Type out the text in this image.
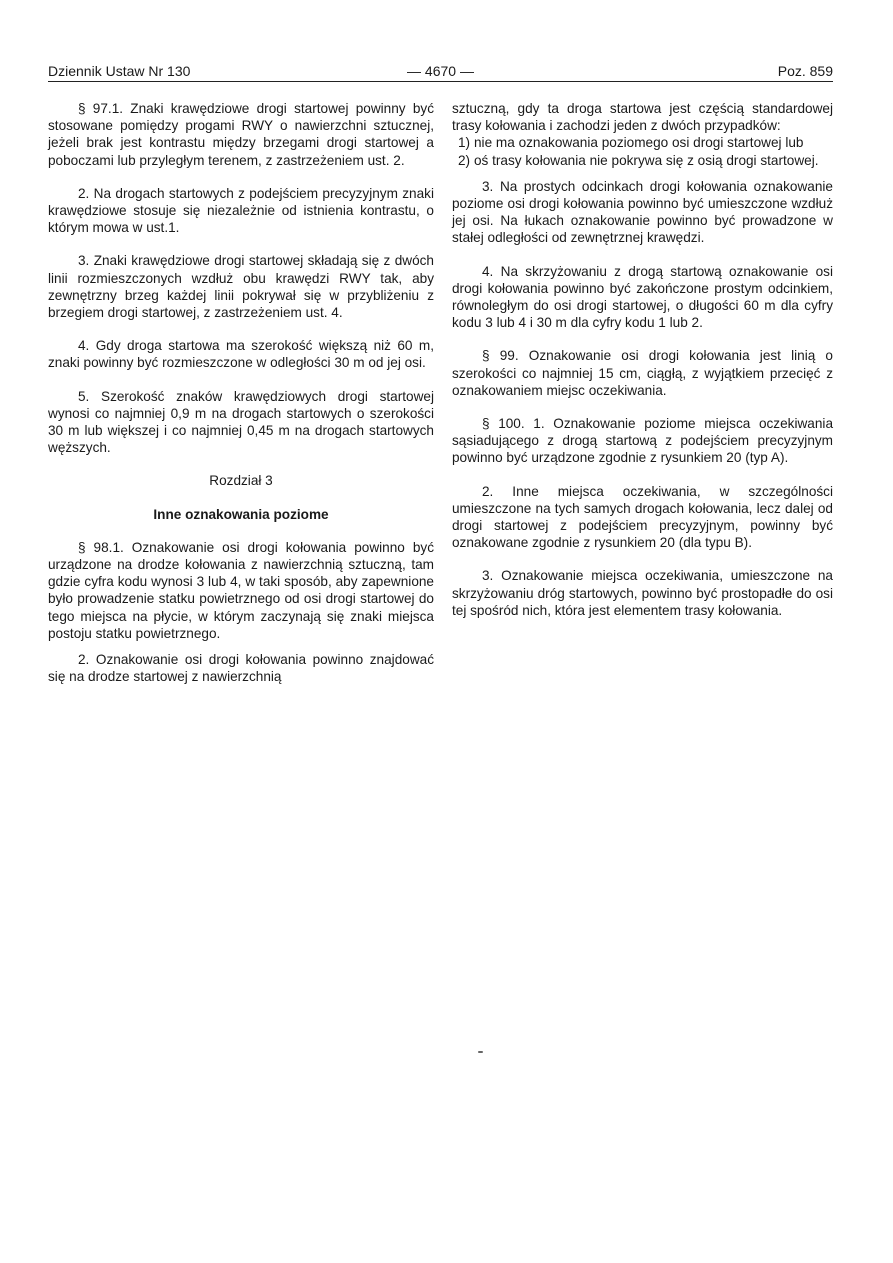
Dziennik Ustaw Nr 130	— 4670 —	Poz. 859

§ 97.1. Znaki krawędziowe drogi startowej powinny być stosowane pomiędzy progami RWY o nawierzchni sztucznej, jeżeli brak jest kontrastu między brzegami drogi startowej a poboczami lub przyległym terenem, z zastrzeżeniem ust. 2.

2. Na drogach startowych z podejściem precyzyjnym znaki krawędziowe stosuje się niezależnie od istnienia kontrastu, o którym mowa w ust.1.

3. Znaki krawędziowe drogi startowej składają się z dwóch linii rozmieszczonych wzdłuż obu krawędzi RWY tak, aby zewnętrzny brzeg każdej linii pokrywał się w przybliżeniu z brzegiem drogi startowej, z zastrzeżeniem ust. 4.

4. Gdy droga startowa ma szerokość większą niż 60 m, znaki powinny być rozmieszczone w odległości 30 m od jej osi.

5. Szerokość znaków krawędziowych drogi startowej wynosi co najmniej 0,9 m na drogach startowych o szerokości 30 m lub większej i co najmniej 0,45 m na drogach startowych węższych.

Rozdział 3

Inne oznakowania poziome

§ 98.1. Oznakowanie osi drogi kołowania powinno być urządzone na drodze kołowania z nawierzchnią sztuczną, tam gdzie cyfra kodu wynosi 3 lub 4, w taki sposób, aby zapewnione było prowadzenie statku powietrznego od osi drogi startowej do tego miejsca na płycie, w którym zaczynają się znaki miejsca postoju statku powietrznego.

2. Oznakowanie osi drogi kołowania powinno znajdować się na drodze startowej z nawierzchnią

sztuczną, gdy ta droga startowa jest częścią standardowej trasy kołowania i zachodzi jeden z dwóch przypadków:

1) nie ma oznakowania poziomego osi drogi startowej lub

2) oś trasy kołowania nie pokrywa się z osią drogi startowej.

3. Na prostych odcinkach drogi kołowania oznakowanie poziome osi drogi kołowania powinno być umieszczone wzdłuż jej osi. Na łukach oznakowanie powinno być prowadzone w stałej odległości od zewnętrznej krawędzi.

4. Na skrzyżowaniu z drogą startową oznakowanie osi drogi kołowania powinno być zakończone prostym odcinkiem, równoległym do osi drogi startowej, o długości 60 m dla cyfry kodu 3 lub 4 i 30 m dla cyfry kodu 1 lub 2.

§ 99. Oznakowanie osi drogi kołowania jest linią o szerokości co najmniej 15 cm, ciągłą, z wyjątkiem przecięć z oznakowaniem miejsc oczekiwania.

§ 100. 1. Oznakowanie poziome miejsca oczekiwania sąsiadującego z drogą startową z podejściem precyzyjnym powinno być urządzone zgodnie z rysunkiem 20 (typ A).

2. Inne miejsca oczekiwania, w szczególności umieszczone na tych samych drogach kołowania, lecz dalej od drogi startowej z podejściem precyzyjnym, powinny być oznakowane zgodnie z rysunkiem 20 (dla typu B).

3. Oznakowanie miejsca oczekiwania, umieszczone na skrzyżowaniu dróg startowych, powinno być prostopadłe do osi tej spośród nich, która jest elementem trasy kołowania.
